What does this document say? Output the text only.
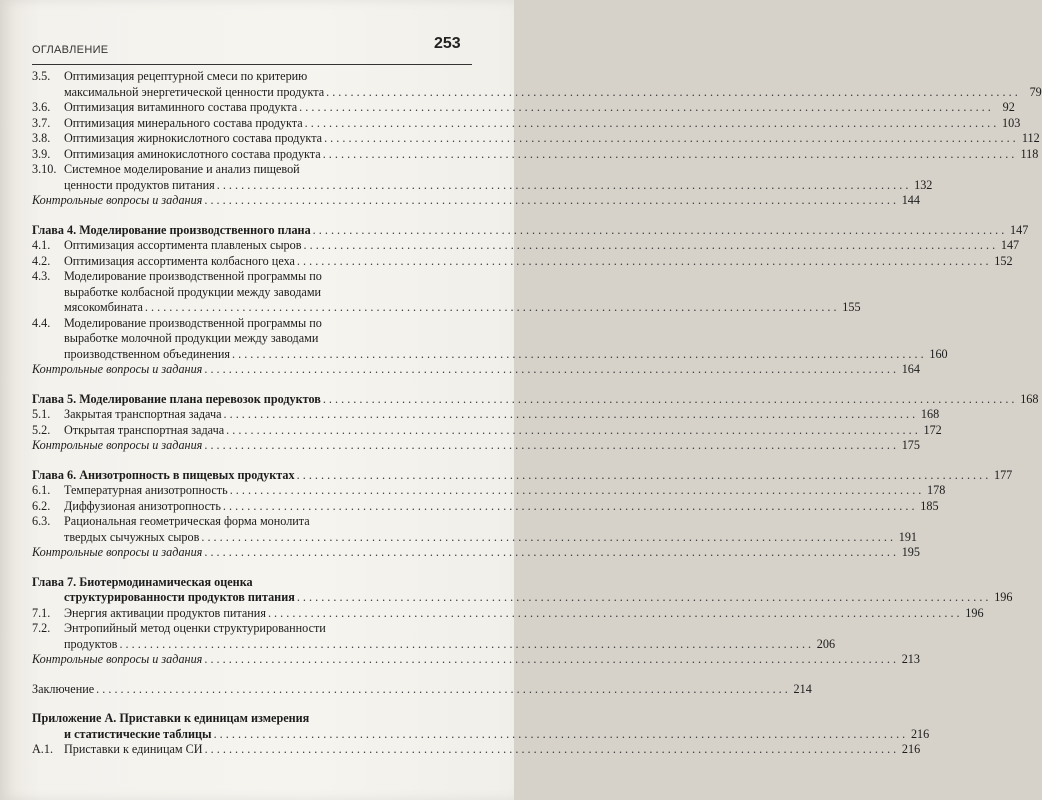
ОГЛАВЛЕНИЕ	253
3.5.	Оптимизация рецептурной смеси по критерию
максимальной энергетической ценности продукта . . .	79
3.6.	Оптимизация витаминного состава продукта . . .	92
3.7.	Оптимизация минерального состава продукта . . .	103
3.8.	Оптимизация жирнокислотного состава продукта . . .	112
3.9.	Оптимизация аминокислотного состава продукта . . .	118
3.10. Системное моделирование и анализ пищевой
ценности продуктов питания . . .	132
Контрольные вопросы и задания . . .	144
Глава 4. Моделирование производственного плана . . .	147
4.1.	Оптимизация ассортимента плавленых сыров . . .	147
4.2.	Оптимизация ассортимента колбасного цеха . . .	152
4.3.	Моделирование производственной программы по
выработке колбасной продукции между заводами
мясокомбината . . .	155
4.4.	Моделирование производственной программы по
выработке молочной продукции между заводами
производственном объединения . . .	160
Контрольные вопросы и задания . . .	164
Глава 5. Моделирование плана перевозок продуктов . . .	168
5.1.	Закрытая транспортная задача . . .	168
5.2.	Открытая транспортная задача . . .	172
Контрольные вопросы и задания . . .	175
Глава 6. Анизотропность в пищевых продуктах . . .	177
6.1.	Температурная анизотропность . . .	178
6.2.	Диффузионая анизотропность . . .	185
6.3.	Рациональная геометрическая форма монолита
твердых сычужных сыров . . .	191
Контрольные вопросы и задания . . .	195
Глава 7. Биотермодинамическая оценка
структурированности продуктов питания . . .	196
7.1.	Энергия активации продуктов питания . . .	196
7.2.	Энтропийный метод оценки структурированности
продуктов . . .	206
Контрольные вопросы и задания . . .	213
Заключение . . .	214
Приложение А. Приставки к единицам измерения
и статистические таблицы . . .	216
А.1. Приставки к единицам СИ . . .	216
